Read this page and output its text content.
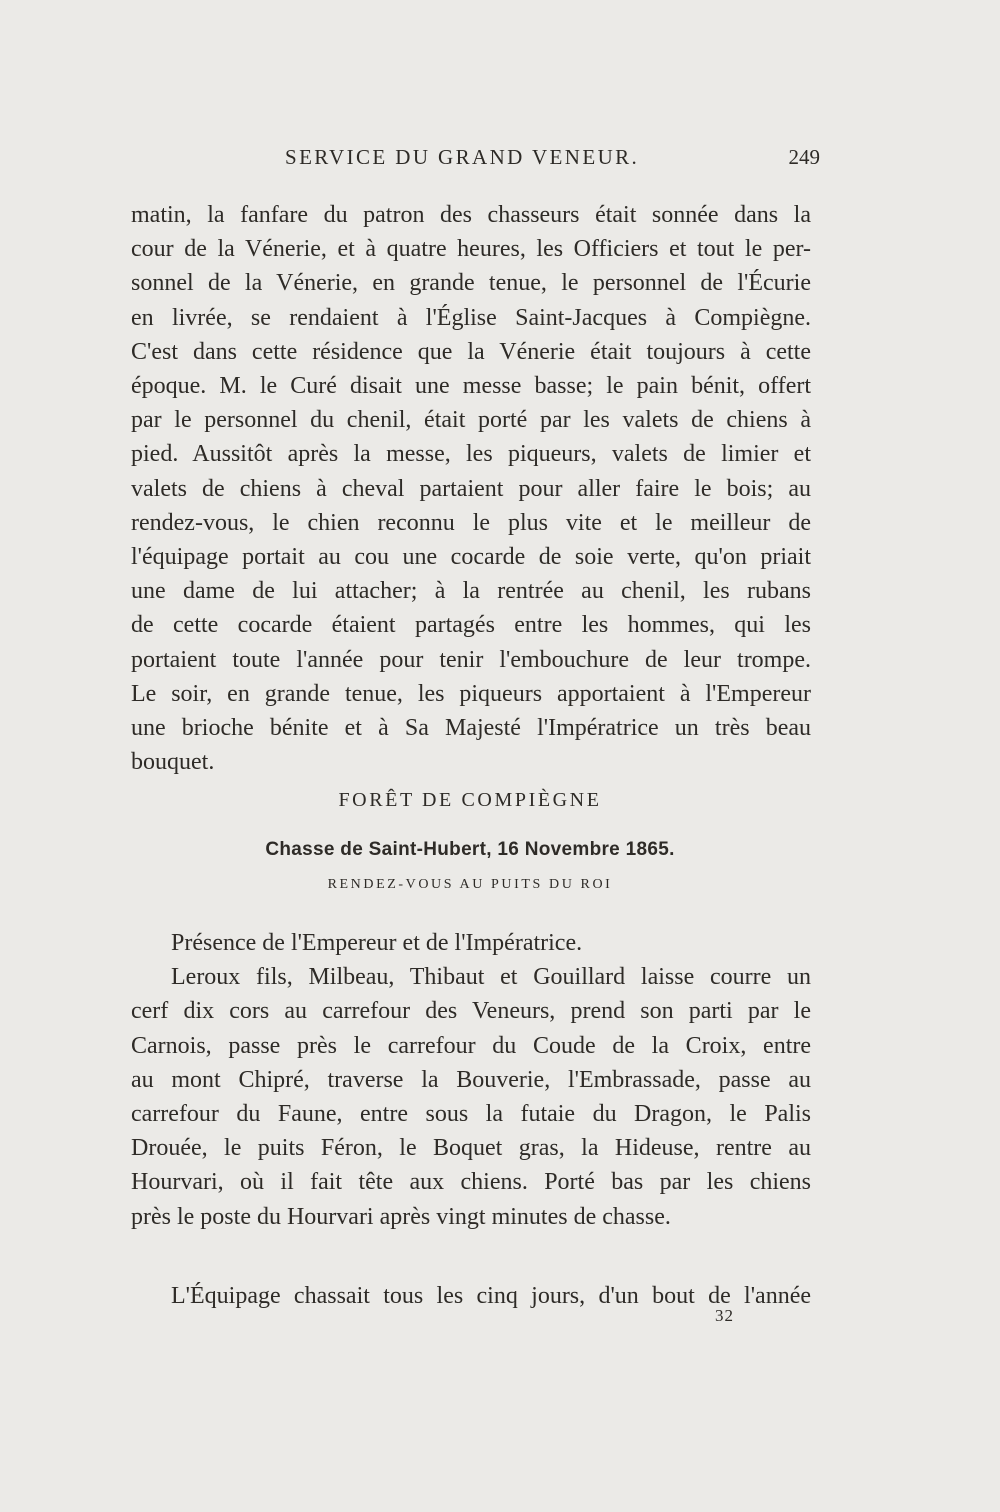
SERVICE DU GRAND VENEUR.	249
matin, la fanfare du patron des chasseurs était sonnée dans la
cour de la Vénerie, et à quatre heures, les Officiers et tout le per-
sonnel de la Vénerie, en grande tenue, le personnel de l'Écurie
en livrée, se rendaient à l'Église Saint-Jacques à Compiègne.
C'est dans cette résidence que la Vénerie était toujours à cette
époque. M. le Curé disait une messe basse; le pain bénit, offert
par le personnel du chenil, était porté par les valets de chiens à
pied. Aussitôt après la messe, les piqueurs, valets de limier et
valets de chiens à cheval partaient pour aller faire le bois; au
rendez-vous, le chien reconnu le plus vite et le meilleur de
l'équipage portait au cou une cocarde de soie verte, qu'on priait
une dame de lui attacher; à la rentrée au chenil, les rubans
de cette cocarde étaient partagés entre les hommes, qui les
portaient toute l'année pour tenir l'embouchure de leur trompe.
Le soir, en grande tenue, les piqueurs apportaient à l'Empereur
une brioche bénite et à Sa Majesté l'Impératrice un très beau
bouquet.
FORÊT DE COMPIÈGNE
Chasse de Saint-Hubert, 16 Novembre 1865.
RENDEZ-VOUS AU PUITS DU ROI
Présence de l'Empereur et de l'Impératrice.
Leroux fils, Milbeau, Thibaut et Gouillard laisse courre un
cerf dix cors au carrefour des Veneurs, prend son parti par le
Carnois, passe près le carrefour du Coude de la Croix, entre
au mont Chipré, traverse la Bouverie, l'Embrassade, passe au
carrefour du Faune, entre sous la futaie du Dragon, le Palis
Drouée, le puits Féron, le Boquet gras, la Hideuse, rentre au
Hourvari, où il fait tête aux chiens. Porté bas par les chiens
près le poste du Hourvari après vingt minutes de chasse.
L'Équipage chassait tous les cinq jours, d'un bout de l'année
32
